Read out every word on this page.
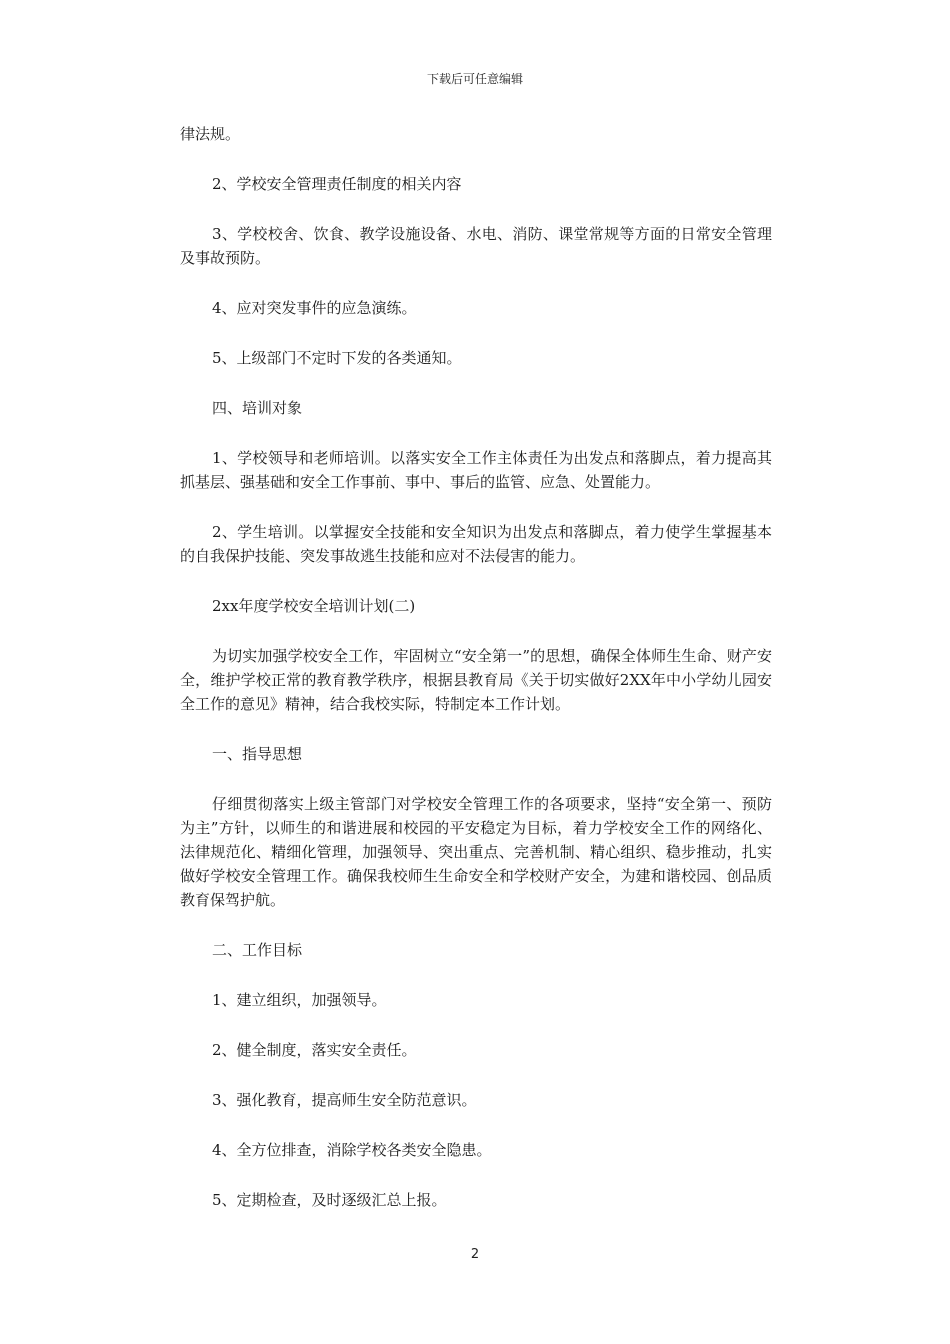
下载后可任意编辑

律法规。

2、学校安全管理责任制度的相关内容

3、学校校舍、饮食、教学设施设备、水电、消防、课堂常规等方面的日常安全管理及事故预防。

4、应对突发事件的应急演练。

5、上级部门不定时下发的各类通知。

四、培训对象

1、学校领导和老师培训。以落实安全工作主体责任为出发点和落脚点，着力提高其抓基层、强基础和安全工作事前、事中、事后的监管、应急、处置能力。

2、学生培训。以掌握安全技能和安全知识为出发点和落脚点，着力使学生掌握基本的自我保护技能、突发事故逃生技能和应对不法侵害的能力。

2xx年度学校安全培训计划(二)

为切实加强学校安全工作，牢固树立“安全第一”的思想，确保全体师生生命、财产安全，维护学校正常的教育教学秩序，根据县教育局《关于切实做好2XX年中小学幼儿园安全工作的意见》精神，结合我校实际，特制定本工作计划。

一、指导思想

仔细贯彻落实上级主管部门对学校安全管理工作的各项要求，坚持“安全第一、预防为主”方针，以师生的和谐进展和校园的平安稳定为目标，着力学校安全工作的网络化、法律规范化、精细化管理，加强领导、突出重点、完善机制、精心组织、稳步推动，扎实做好学校安全管理工作。确保我校师生生命安全和学校财产安全，为建和谐校园、创品质教育保驾护航。

二、工作目标

1、建立组织，加强领导。

2、健全制度，落实安全责任。

3、强化教育，提高师生安全防范意识。

4、全方位排查，消除学校各类安全隐患。

5、定期检查，及时逐级汇总上报。

2
